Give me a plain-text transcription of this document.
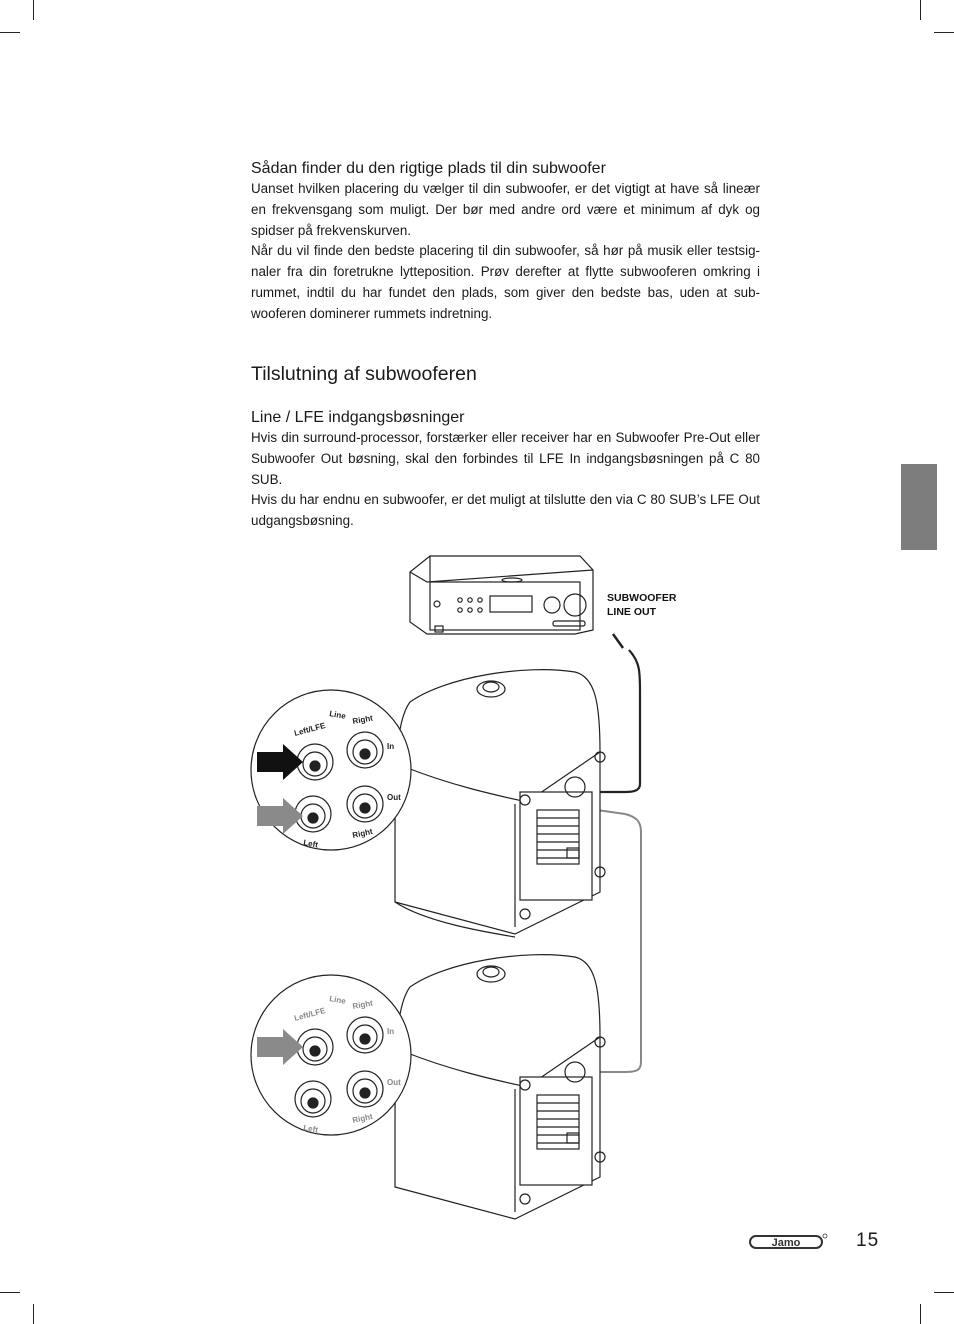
Sådan finder du den rigtige plads til din subwoofer

Uanset hvilken placering du vælger til din subwoofer, er det vigtigt at have så lineær en frekvensgang som muligt. Der bør med andre ord være et minimum af dyk og spidser på frekvenskurven.

Når du vil finde den bedste placering til din subwoofer, så hør på musik eller testsig-naler fra din foretrukne lytteposition. Prøv derefter at flytte subwooferen omkring i rummet, indtil du har fundet den plads, som giver den bedste bas, uden at sub-wooferen dominerer rummets indretning.

Tilslutning af subwooferen
Line / LFE indgangsbøsninger

Hvis din surround-processor, forstærker eller receiver har en Subwoofer Pre-Out eller Subwoofer Out bøsning, skal den forbindes til LFE In indgangsbøsningen på C 80 SUB.

Hvis du har endnu en subwoofer, er det muligt at tilslutte den via C 80 SUB’s LFE Out udgangsbøsning.

SUBWOOFER
LINE OUT
Line
Left/LFE
Right
In
Out
Right
Left
Line
Left/LFE
Right
In
Out
Right
Left
Jamo	15
